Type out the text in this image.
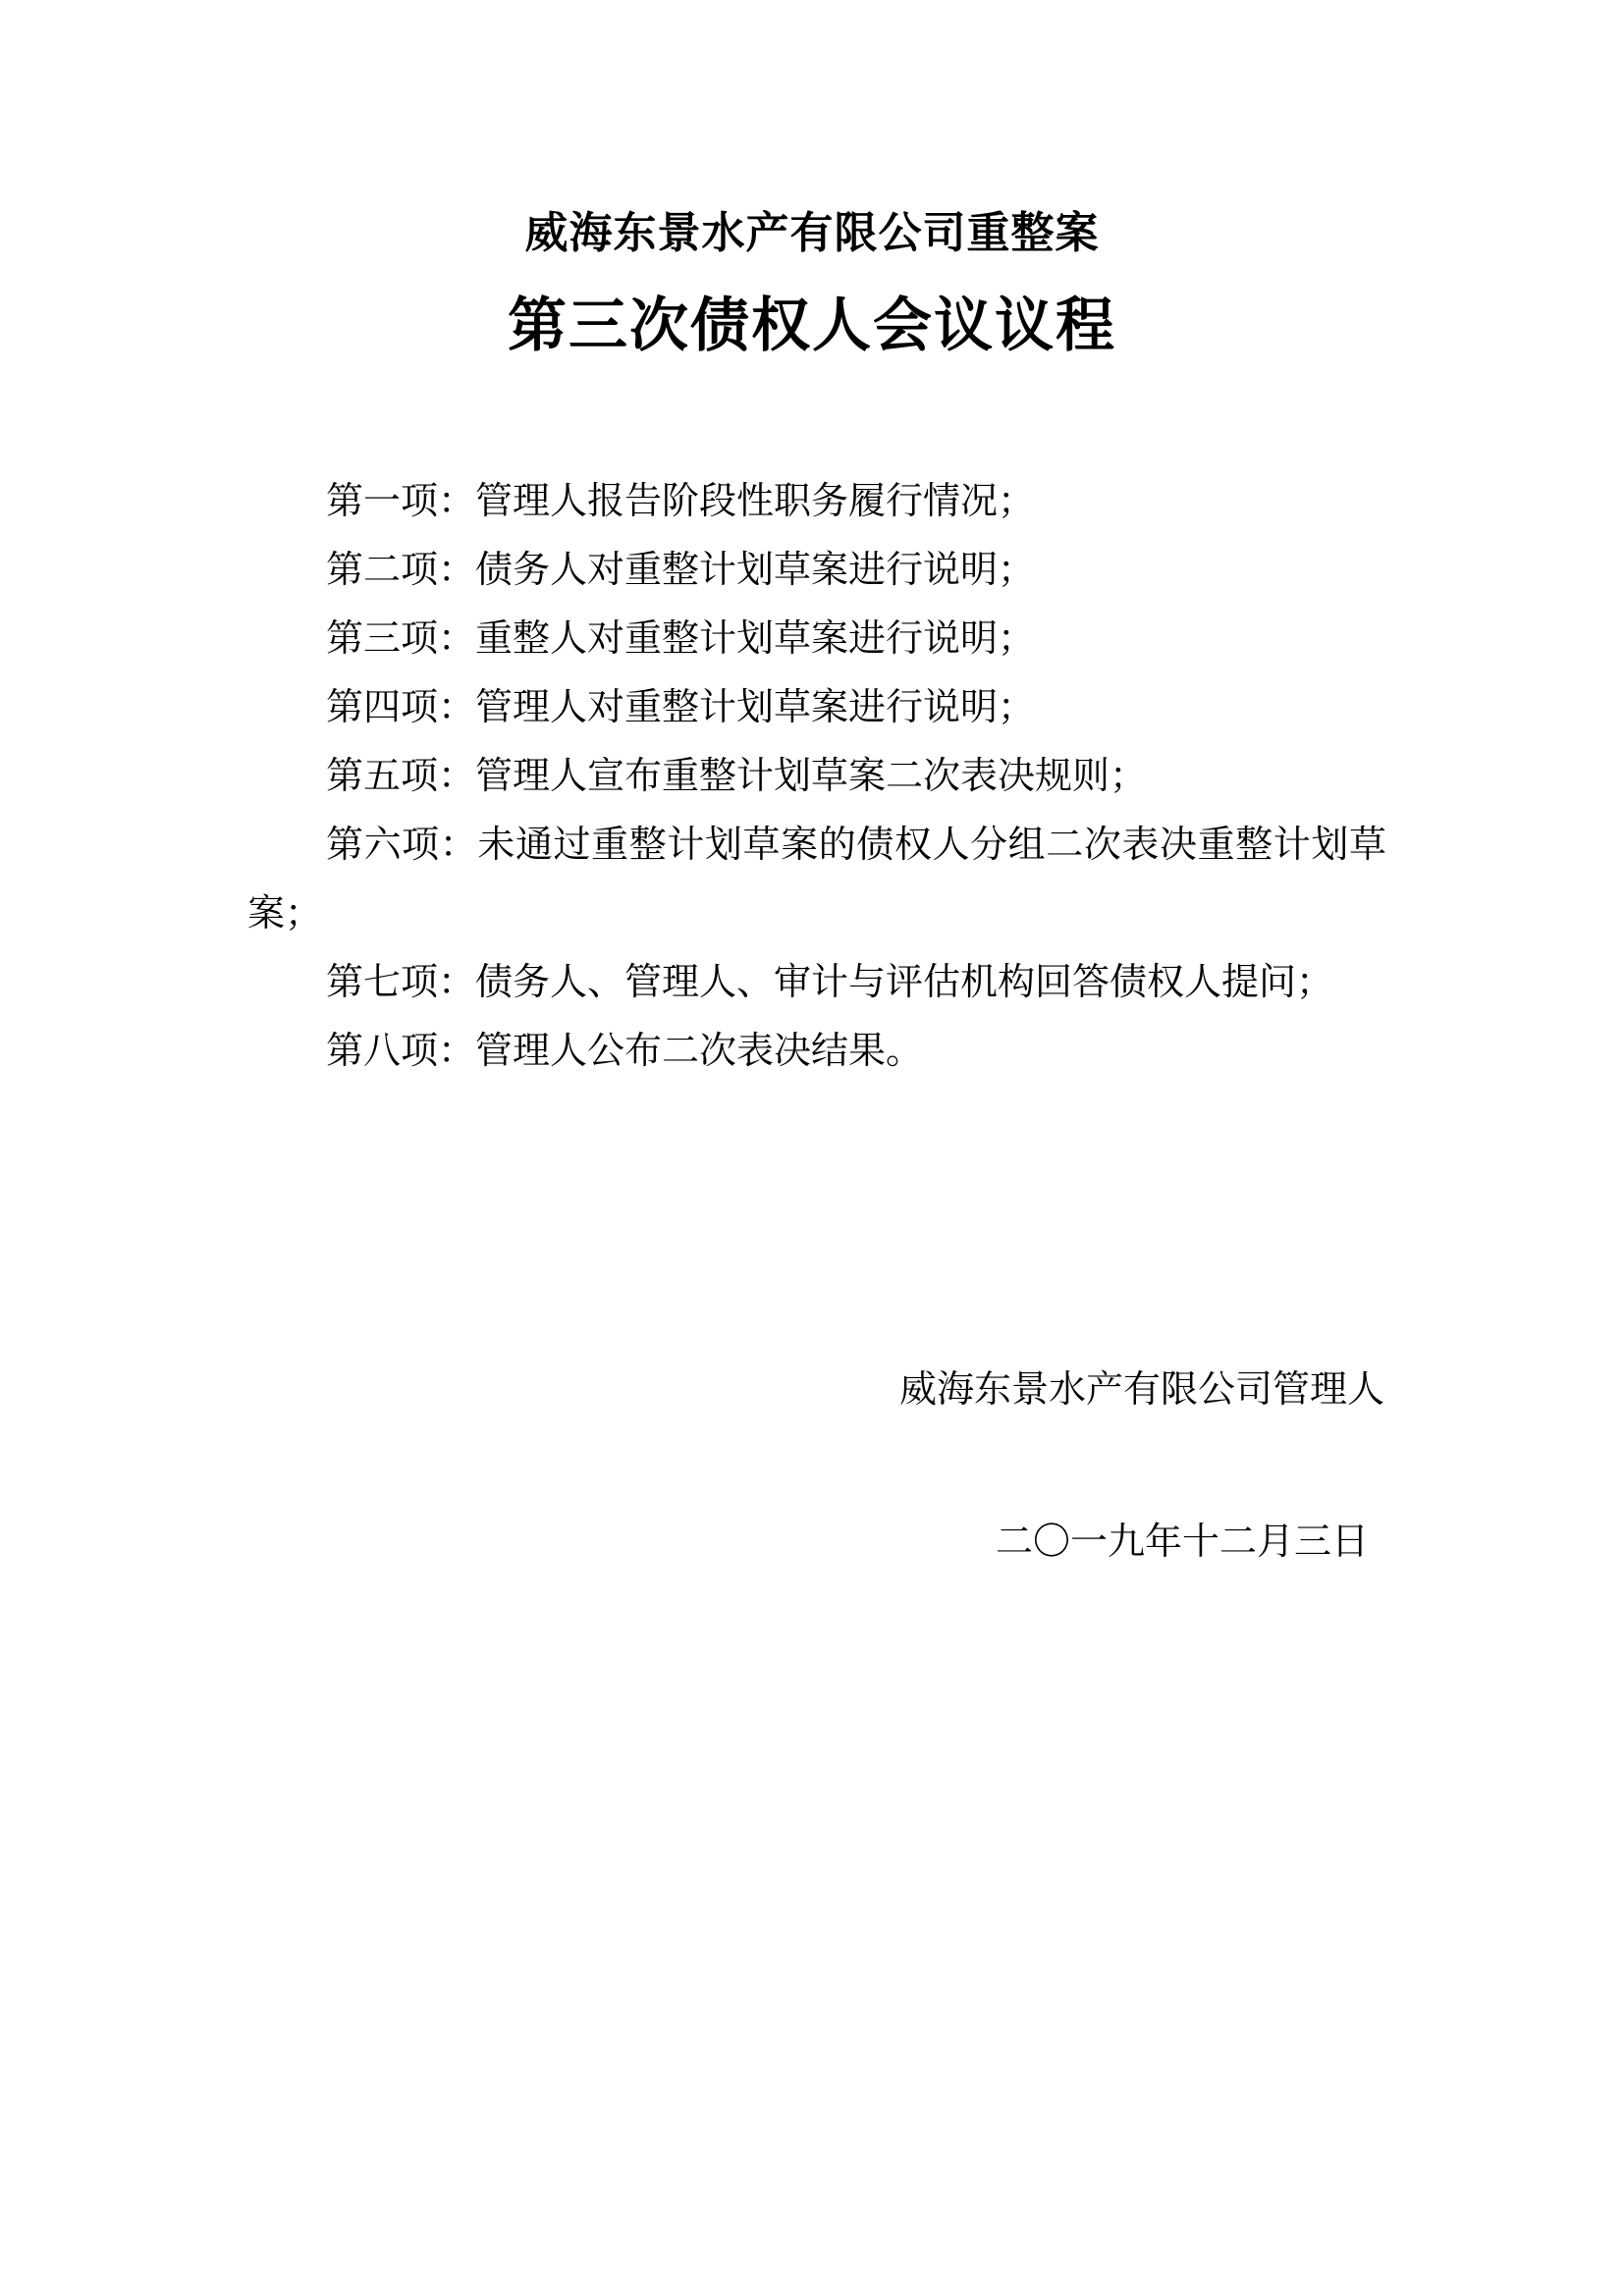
威海东景水产有限公司重整案
第三次债权人会议议程
第一项：管理人报告阶段性职务履行情况；
第二项：债务人对重整计划草案进行说明；
第三项：重整人对重整计划草案进行说明；
第四项：管理人对重整计划草案进行说明；
第五项：管理人宣布重整计划草案二次表决规则；
第六项：未通过重整计划草案的债权人分组二次表决重整计划草案；
第七项：债务人、管理人、审计与评估机构回答债权人提问；
第八项：管理人公布二次表决结果。
威海东景水产有限公司管理人
二〇一九年十二月三日
